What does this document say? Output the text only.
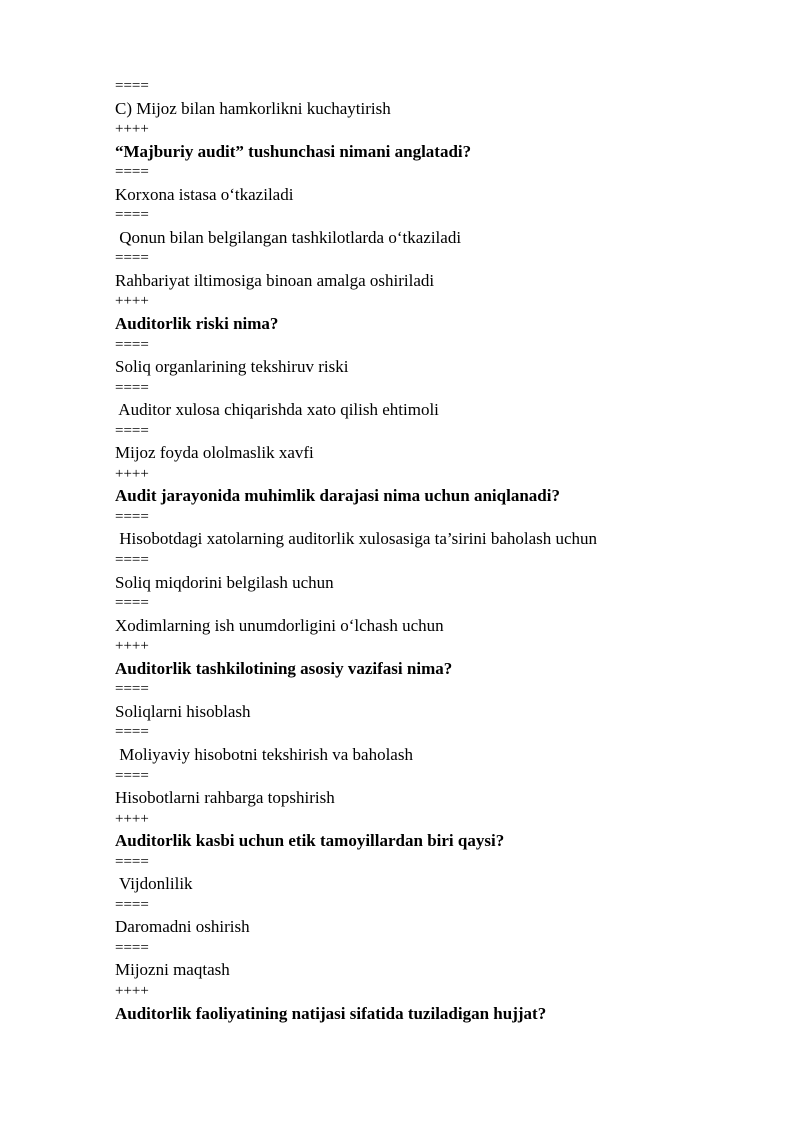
====
C) Mijoz bilan hamkorlikni kuchaytirish
++++
“Majburiy audit” tushunchasi nimani anglatadi?
====
Korxona istasa o‘tkaziladi
====
Qonun bilan belgilangan tashkilotlarda o‘tkaziladi
====
Rahbariyat iltimosiga binoan amalga oshiriladi
++++
Auditorlik riski nima?
====
Soliq organlarining tekshiruv riski
====
Auditor xulosa chiqarishda xato qilish ehtimoli
====
Mijoz foyda ololmaslik xavfi
++++
Audit jarayonida muhimlik darajasi nima uchun aniqlanadi?
====
Hisobotdagi xatolarning auditorlik xulosasiga ta’sirini baholash uchun
====
Soliq miqdorini belgilash uchun
====
Xodimlarning ish unumdorligini o‘lchash uchun
++++
Auditorlik tashkilotining asosiy vazifasi nima?
====
Soliqlarni hisoblash
====
Moliyaviy hisobotni tekshirish va baholash
====
Hisobotlarni rahbarga topshirish
++++
Auditorlik kasbi uchun etik tamoyillardan biri qaysi?
====
Vijdonlilik
====
Daromadni oshirish
====
Mijozni maqtash
++++
Auditorlik faoliyatining natijasi sifatida tuziladigan hujjat?
